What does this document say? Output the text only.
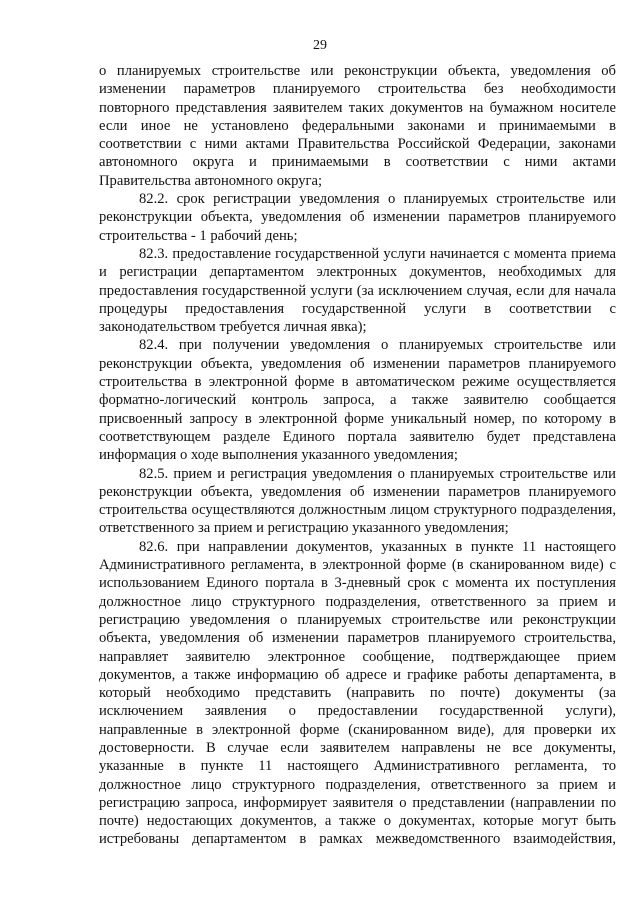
29

о планируемых строительстве или реконструкции объекта, уведомления об изменении параметров планируемого строительства без необходимости повторного представления заявителем таких документов на бумажном носителе если иное не установлено федеральными законами и принимаемыми в соответствии с ними актами Правительства Российской Федерации, законами автономного округа и принимаемыми в соответствии с ними актами Правительства автономного округа;

82.2. срок регистрации уведомления о планируемых строительстве или реконструкции объекта, уведомления об изменении параметров планируемого строительства - 1 рабочий день;

82.3. предоставление государственной услуги начинается с момента приема и регистрации департаментом электронных документов, необходимых для предоставления государственной услуги (за исключением случая, если для начала процедуры предоставления государственной услуги в соответствии с законодательством требуется личная явка);

82.4. при получении уведомления о планируемых строительстве или реконструкции объекта, уведомления об изменении параметров планируемого строительства в электронной форме в автоматическом режиме осуществляется форматно-логический контроль запроса, а также заявителю сообщается присвоенный запросу в электронной форме уникальный номер, по которому в соответствующем разделе Единого портала заявителю будет представлена информация о ходе выполнения указанного уведомления;

82.5. прием и регистрация уведомления о планируемых строительстве или реконструкции объекта, уведомления об изменении параметров планируемого строительства осуществляются должностным лицом структурного подразделения, ответственного за прием и регистрацию указанного уведомления;

82.6. при направлении документов, указанных в пункте 11 настоящего Административного регламента, в электронной форме (в сканированном виде) с использованием Единого портала в 3-дневный срок с момента их поступления должностное лицо структурного подразделения, ответственного за прием и регистрацию уведомления о планируемых строительстве или реконструкции объекта, уведомления об изменении параметров планируемого строительства, направляет заявителю электронное сообщение, подтверждающее прием документов, а также информацию об адресе и графике работы департамента, в который необходимо представить (направить по почте) документы (за исключением заявления о предоставлении государственной услуги), направленные в электронной форме (сканированном виде), для проверки их достоверности. В случае если заявителем направлены не все документы, указанные в пункте 11 настоящего Административного регламента, то должностное лицо структурного подразделения, ответственного за прием и регистрацию запроса, информирует заявителя о представлении (направлении по почте) недостающих документов, а также о документах, которые могут быть истребованы департаментом в рамках межведомственного взаимодействия,
